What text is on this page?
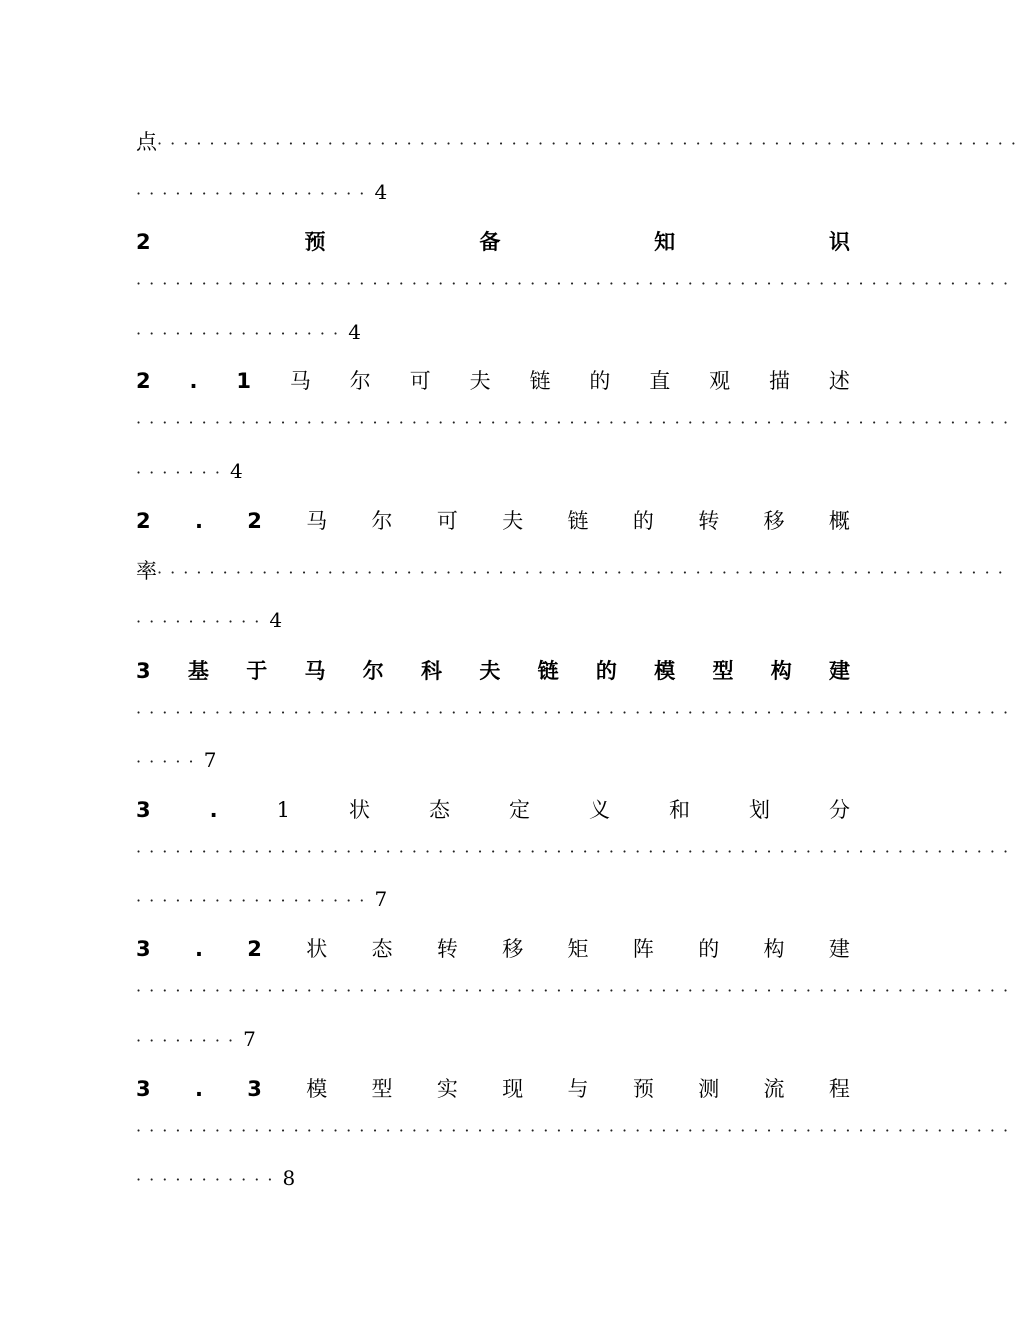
点··································································
·················· 4
2	预	备	知	识
···································································
················ 4
2 . 1 马 尔 可 夫 链 的 直 观 描 述
···································································
······· 4
2 . 2 马 尔 可 夫 链 的 转 移 概
率·································································
·········· 4
3 基 于 马 尔 科 夫 链 的 模 型 构 建
···································································
····· 7
3	.	1	状	态	定	义	和	划	分
···································································
·················· 7
3 . 2 状 态 转 移 矩 阵 的 构 建
···································································
········ 7
3 . 3 模 型 实 现 与 预 测 流 程
···································································
··········· 8
